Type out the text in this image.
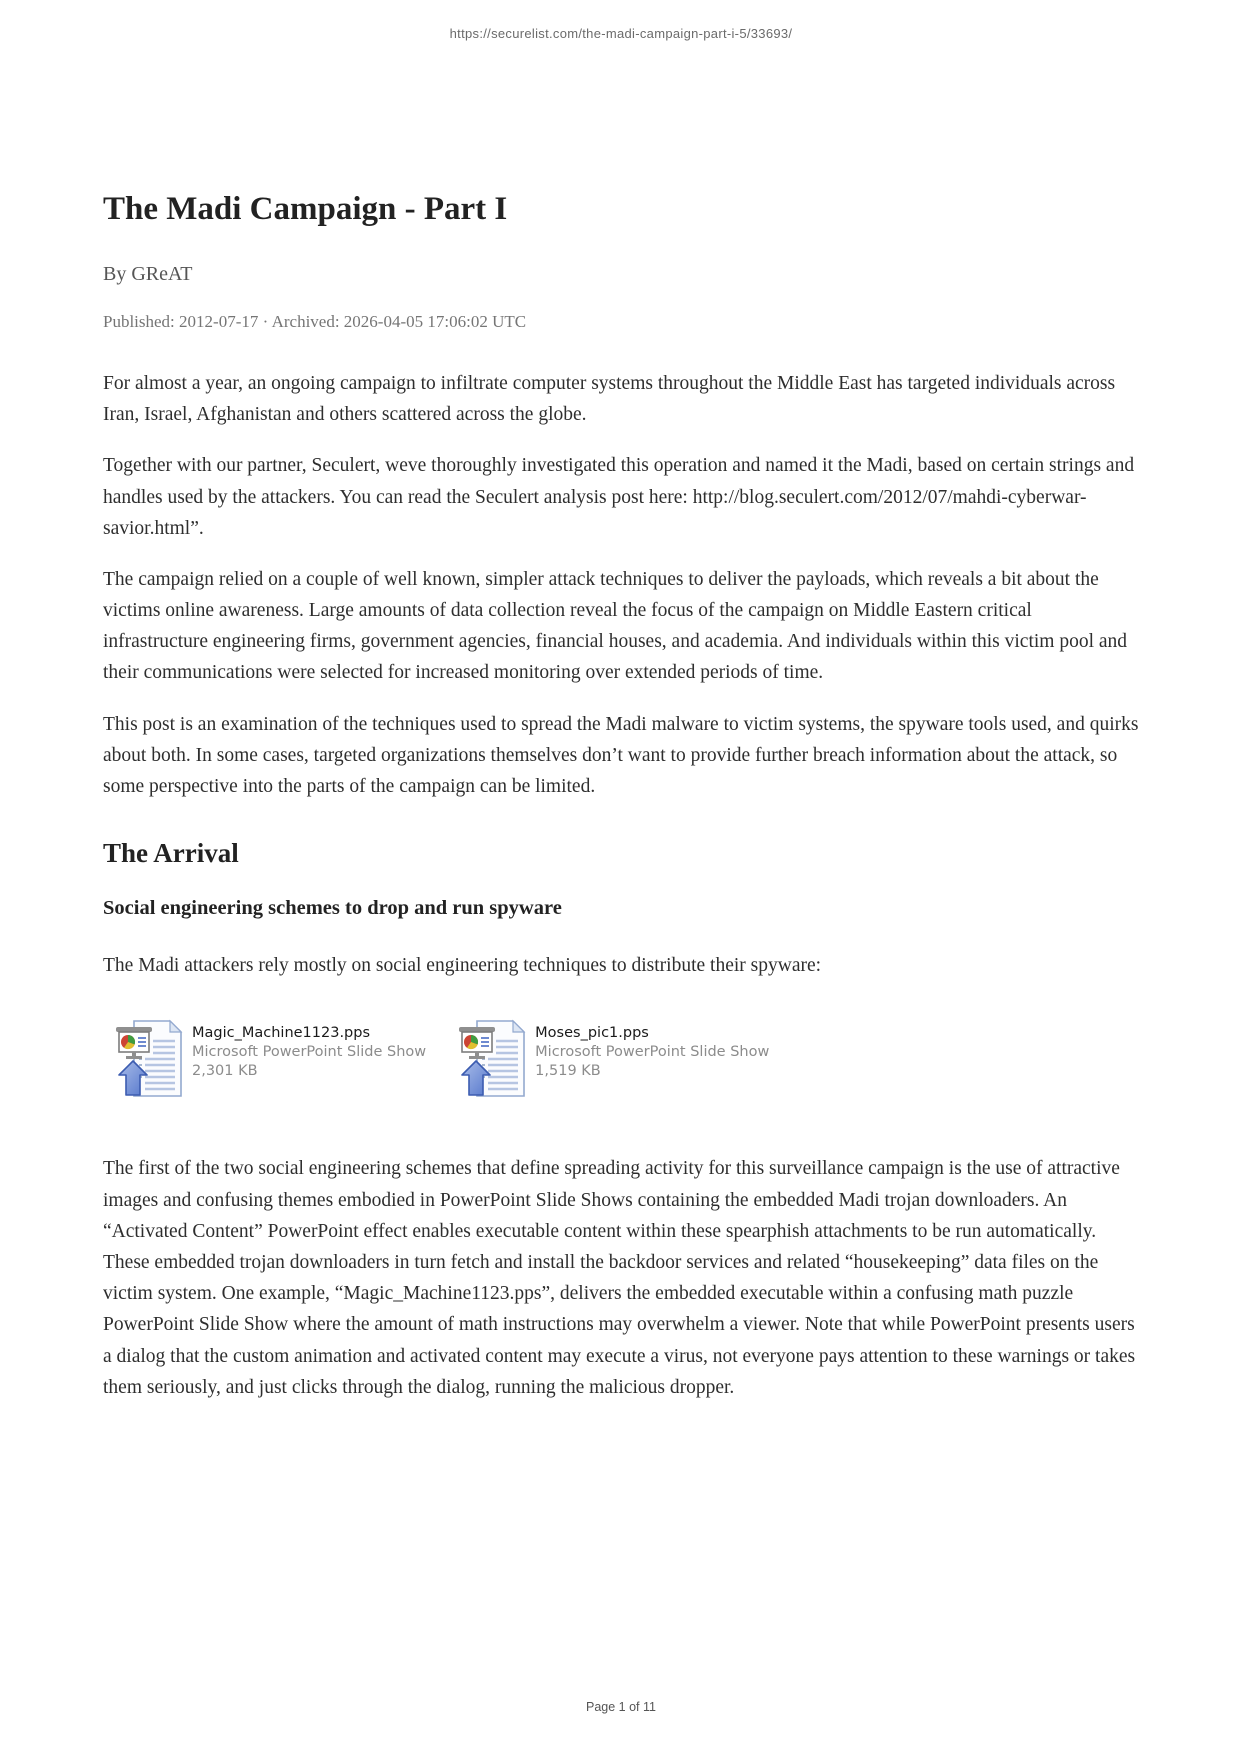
https://securelist.com/the-madi-campaign-part-i-5/33693/
The Madi Campaign - Part I
By GReAT
Published: 2012-07-17 · Archived: 2026-04-05 17:06:02 UTC

For almost a year, an ongoing campaign to infiltrate computer systems throughout the Middle East has targeted individuals across Iran, Israel, Afghanistan and others scattered across the globe.

Together with our partner, Seculert, weve thoroughly investigated this operation and named it the Madi, based on certain strings and handles used by the attackers. You can read the Seculert analysis post here: http://blog.seculert.com/2012/07/mahdi-cyberwar-savior.html”.

The campaign relied on a couple of well known, simpler attack techniques to deliver the payloads, which reveals a bit about the victims online awareness. Large amounts of data collection reveal the focus of the campaign on Middle Eastern critical infrastructure engineering firms, government agencies, financial houses, and academia. And individuals within this victim pool and their communications were selected for increased monitoring over extended periods of time.

This post is an examination of the techniques used to spread the Madi malware to victim systems, the spyware tools used, and quirks about both. In some cases, targeted organizations themselves don’t want to provide further breach information about the attack, so some perspective into the parts of the campaign can be limited.

The Arrival
Social engineering schemes to drop and run spyware

The Madi attackers rely mostly on social engineering techniques to distribute their spyware:

Magic_Machine1123.pps
Microsoft PowerPoint Slide Show
2,301 KB
Moses_pic1.pps
Microsoft PowerPoint Slide Show
1,519 KB

The first of the two social engineering schemes that define spreading activity for this surveillance campaign is the use of attractive images and confusing themes embodied in PowerPoint Slide Shows containing the embedded Madi trojan downloaders. An “Activated Content” PowerPoint effect enables executable content within these spearphish attachments to be run automatically. These embedded trojan downloaders in turn fetch and install the backdoor services and related “housekeeping” data files on the victim system. One example, “Magic_Machine1123.pps”, delivers the embedded executable within a confusing math puzzle PowerPoint Slide Show where the amount of math instructions may overwhelm a viewer. Note that while PowerPoint presents users a dialog that the custom animation and activated content may execute a virus, not everyone pays attention to these warnings or takes them seriously, and just clicks through the dialog, running the malicious dropper.

Page 1 of 11
